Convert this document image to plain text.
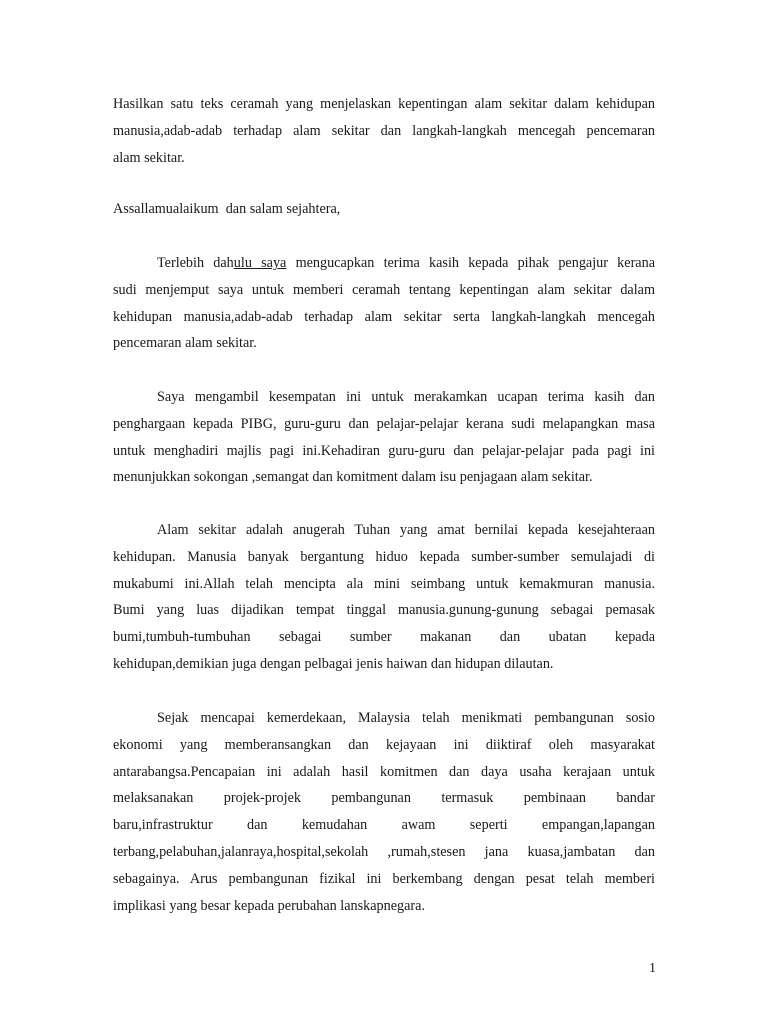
Hasilkan satu teks ceramah yang menjelaskan kepentingan alam sekitar dalam kehidupan
manusia,adab-adab terhadap alam sekitar dan langkah-langkah mencegah pencemaran
alam sekitar.
Assallamualaikum  dan salam sejahtera,
Terlebih dahulu saya mengucapkan terima kasih kepada pihak pengajur kerana
sudi menjemput saya untuk memberi ceramah tentang kepentingan alam sekitar dalam
kehidupan manusia,adab-adab terhadap alam sekitar serta langkah-langkah mencegah
pencemaran alam sekitar.
Saya mengambil kesempatan ini untuk merakamkan ucapan terima kasih dan
penghargaan kepada PIBG, guru-guru dan pelajar-pelajar kerana sudi melapangkan masa
untuk menghadiri majlis pagi ini.Kehadiran guru-guru dan pelajar-pelajar pada pagi ini
menunjukkan sokongan ,semangat dan komitment dalam isu penjagaan alam sekitar.
Alam sekitar adalah anugerah Tuhan yang amat bernilai kepada kesejahteraan
kehidupan. Manusia banyak bergantung hiduo kepada sumber-sumber semulajadi di
mukabumi ini.Allah telah mencipta ala mini seimbang untuk kemakmuran manusia.
Bumi yang luas dijadikan tempat tinggal manusia.gunung-gunung sebagai pemasak
bumi,tumbuh-tumbuhan sebagai sumber makanan dan ubatan kepada
kehidupan,demikian juga dengan pelbagai jenis haiwan dan hidupan dilautan.
Sejak mencapai kemerdekaan, Malaysia telah menikmati pembangunan sosio
ekonomi yang memberansangkan dan kejayaan ini diiktiraf oleh masyarakat
antarabangsa.Pencapaian ini adalah hasil komitmen dan daya usaha kerajaan untuk
melaksanakan projek-projek pembangunan termasuk pembinaan bandar
baru,infrastruktur dan kemudahan awam seperti empangan,lapangan
terbang,pelabuhan,jalanraya,hospital,sekolah ,rumah,stesen jana kuasa,jambatan dan
sebagainya. Arus pembangunan fizikal ini berkembang dengan pesat telah memberi
implikasi yang besar kepada perubahan lanskapnegara.
1
